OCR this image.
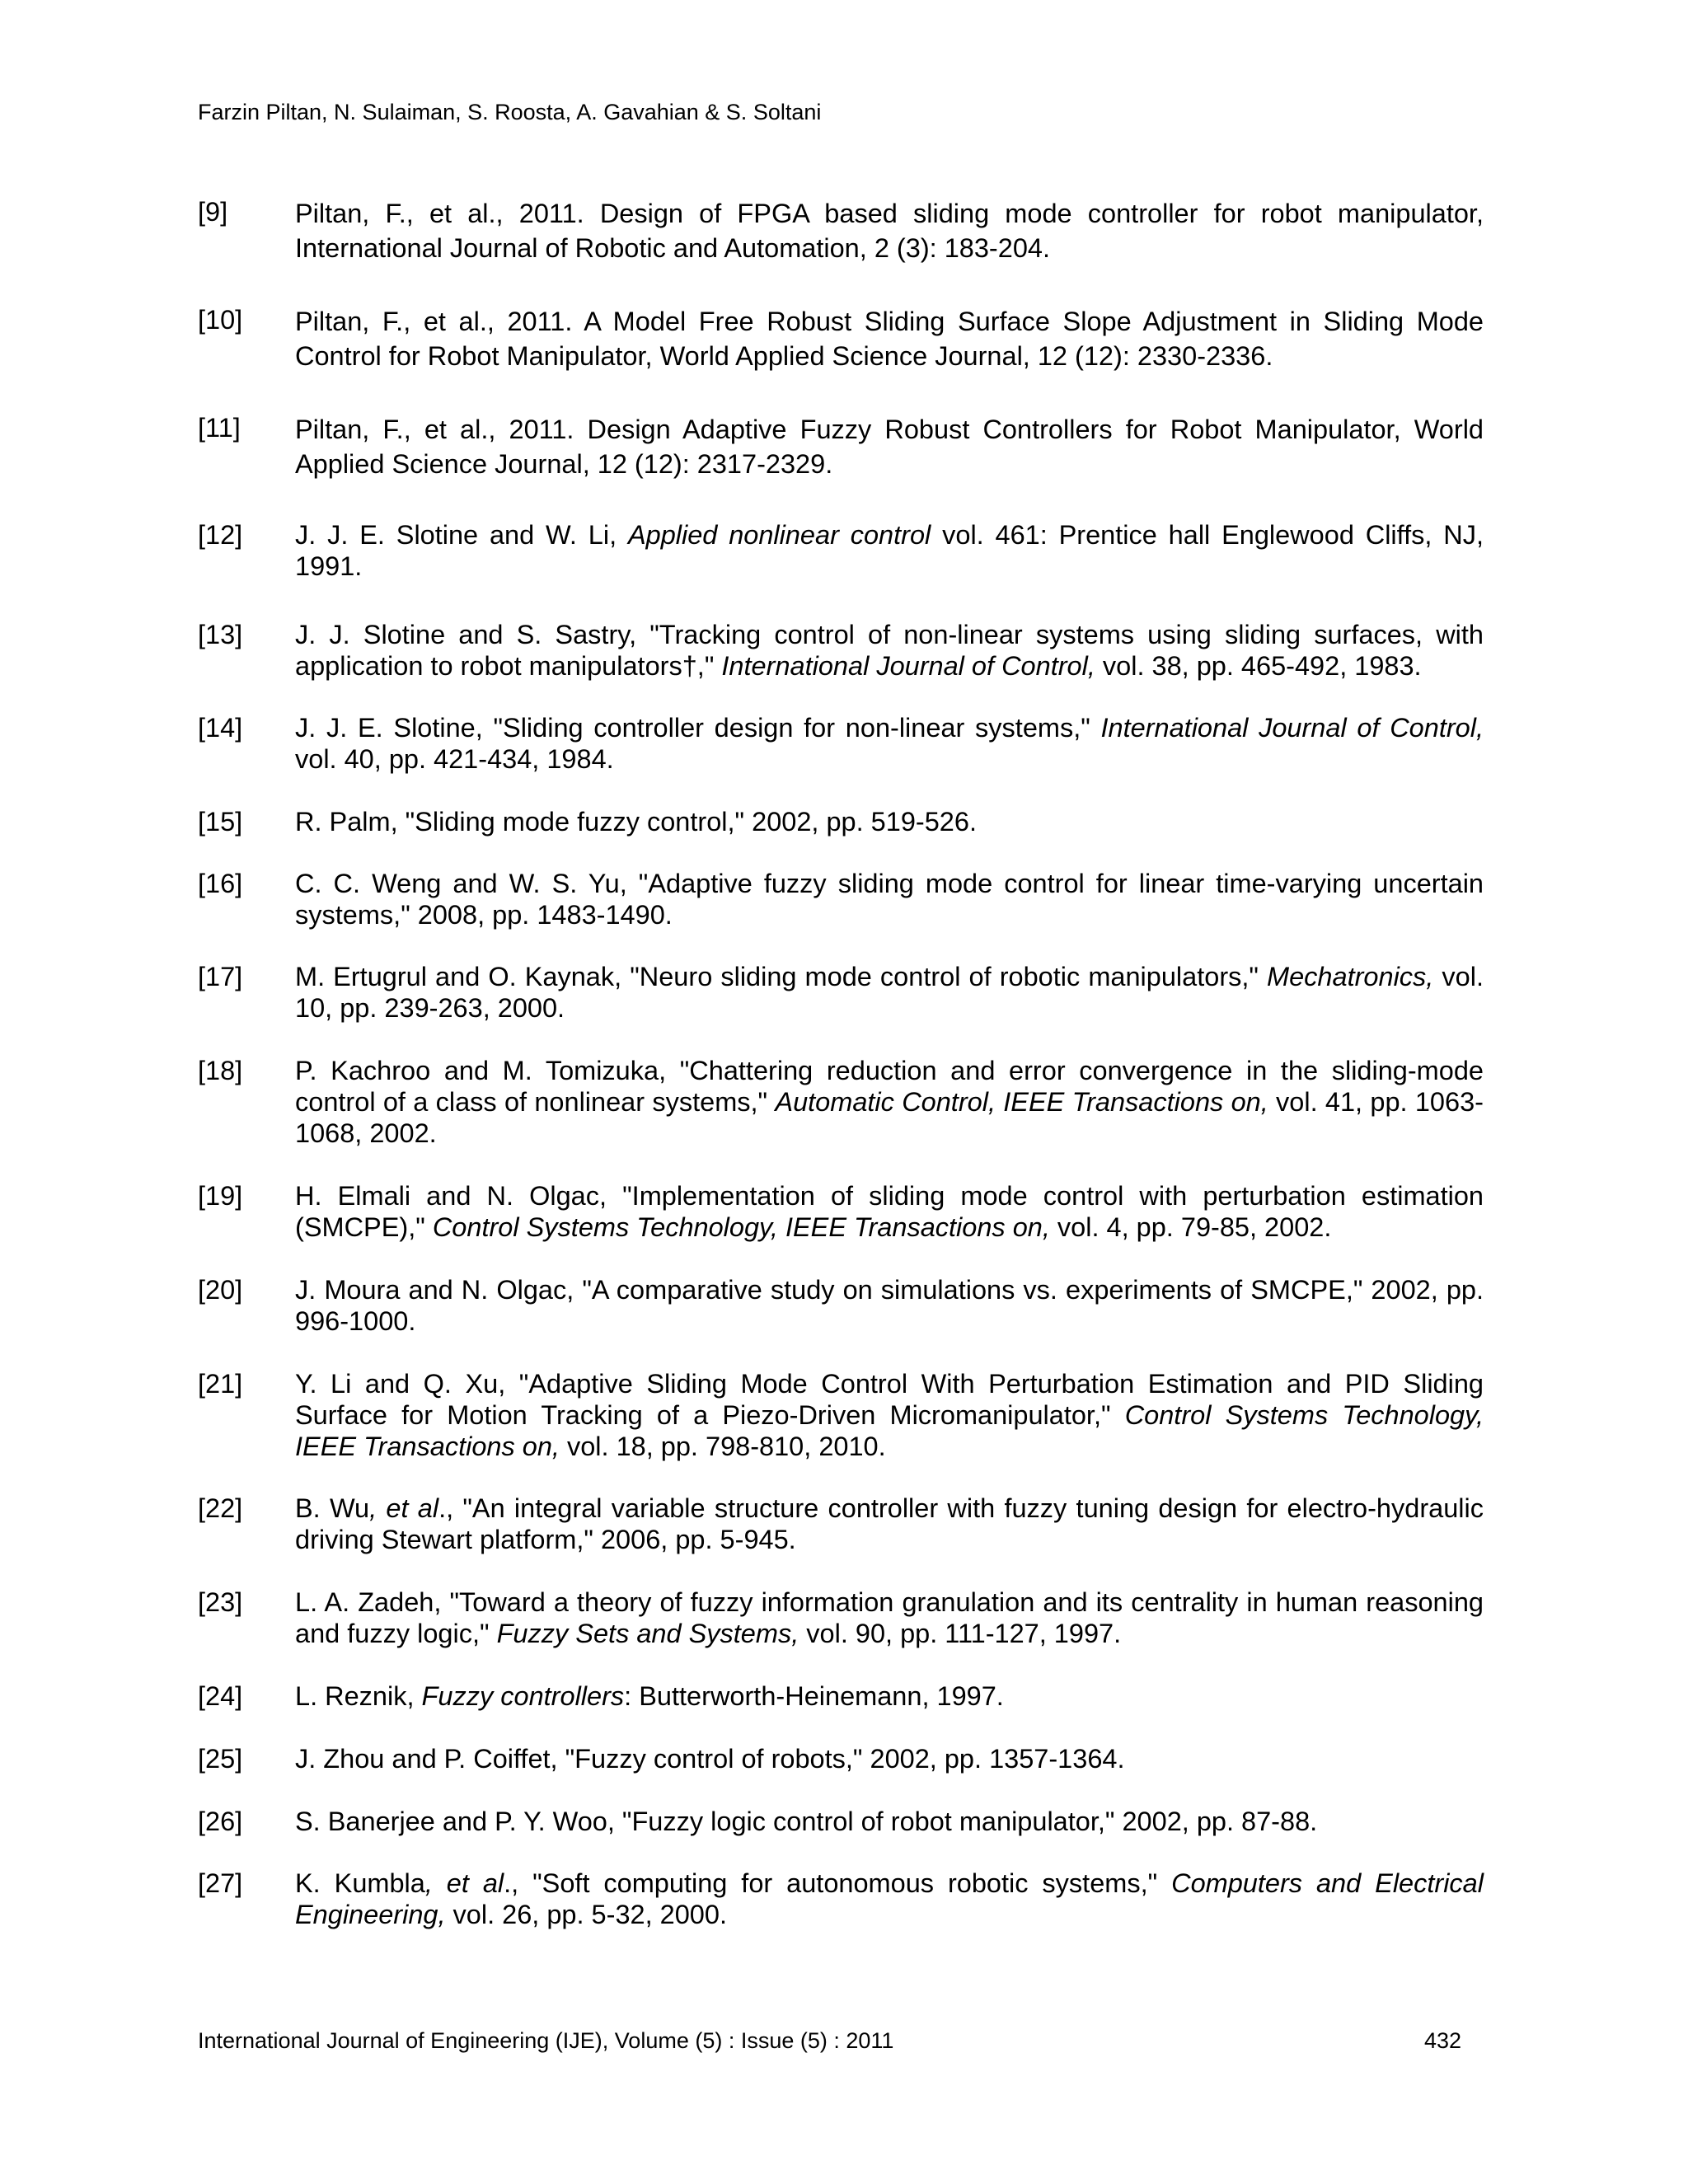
Farzin Piltan, N. Sulaiman, S. Roosta, A. Gavahian & S. Soltani
[9]	Piltan, F., et al., 2011. Design of FPGA based sliding mode controller for robot manipulator, International Journal of Robotic and Automation, 2 (3): 183-204.
[10] Piltan, F., et al., 2011. A Model Free Robust Sliding Surface Slope Adjustment in Sliding Mode Control for Robot Manipulator, World Applied Science Journal, 12 (12): 2330-2336.
[11] Piltan, F., et al., 2011. Design Adaptive Fuzzy Robust Controllers for Robot Manipulator, World Applied Science Journal, 12 (12): 2317-2329.
[12] J. J. E. Slotine and W. Li, Applied nonlinear control vol. 461: Prentice hall Englewood Cliffs, NJ, 1991.
[13] J. J. Slotine and S. Sastry, "Tracking control of non-linear systems using sliding surfaces, with application to robot manipulators†," International Journal of Control, vol. 38, pp. 465-492, 1983.
[14] J. J. E. Slotine, "Sliding controller design for non-linear systems," International Journal of Control, vol. 40, pp. 421-434, 1984.
[15] R. Palm, "Sliding mode fuzzy control," 2002, pp. 519-526.
[16] C. C. Weng and W. S. Yu, "Adaptive fuzzy sliding mode control for linear time-varying uncertain systems," 2008, pp. 1483-1490.
[17] M. Ertugrul and O. Kaynak, "Neuro sliding mode control of robotic manipulators," Mechatronics, vol. 10, pp. 239-263, 2000.
[18] P. Kachroo and M. Tomizuka, "Chattering reduction and error convergence in the sliding-mode control of a class of nonlinear systems," Automatic Control, IEEE Transactions on, vol. 41, pp. 1063-1068, 2002.
[19] H. Elmali and N. Olgac, "Implementation of sliding mode control with perturbation estimation (SMCPE)," Control Systems Technology, IEEE Transactions on, vol. 4, pp. 79-85, 2002.
[20] J. Moura and N. Olgac, "A comparative study on simulations vs. experiments of SMCPE," 2002, pp. 996-1000.
[21] Y. Li and Q. Xu, "Adaptive Sliding Mode Control With Perturbation Estimation and PID Sliding Surface for Motion Tracking of a Piezo-Driven Micromanipulator," Control Systems Technology, IEEE Transactions on, vol. 18, pp. 798-810, 2010.
[22] B. Wu, et al., "An integral variable structure controller with fuzzy tuning design for electro-hydraulic driving Stewart platform," 2006, pp. 5-945.
[23] L. A. Zadeh, "Toward a theory of fuzzy information granulation and its centrality in human reasoning and fuzzy logic," Fuzzy Sets and Systems, vol. 90, pp. 111-127, 1997.
[24] L. Reznik, Fuzzy controllers: Butterworth-Heinemann, 1997.
[25] J. Zhou and P. Coiffet, "Fuzzy control of robots," 2002, pp. 1357-1364.
[26] S. Banerjee and P. Y. Woo, "Fuzzy logic control of robot manipulator," 2002, pp. 87-88.
[27] K. Kumbla, et al., "Soft computing for autonomous robotic systems," Computers and Electrical Engineering, vol. 26, pp. 5-32, 2000.
International Journal of Engineering (IJE), Volume (5) : Issue (5) : 2011	432
